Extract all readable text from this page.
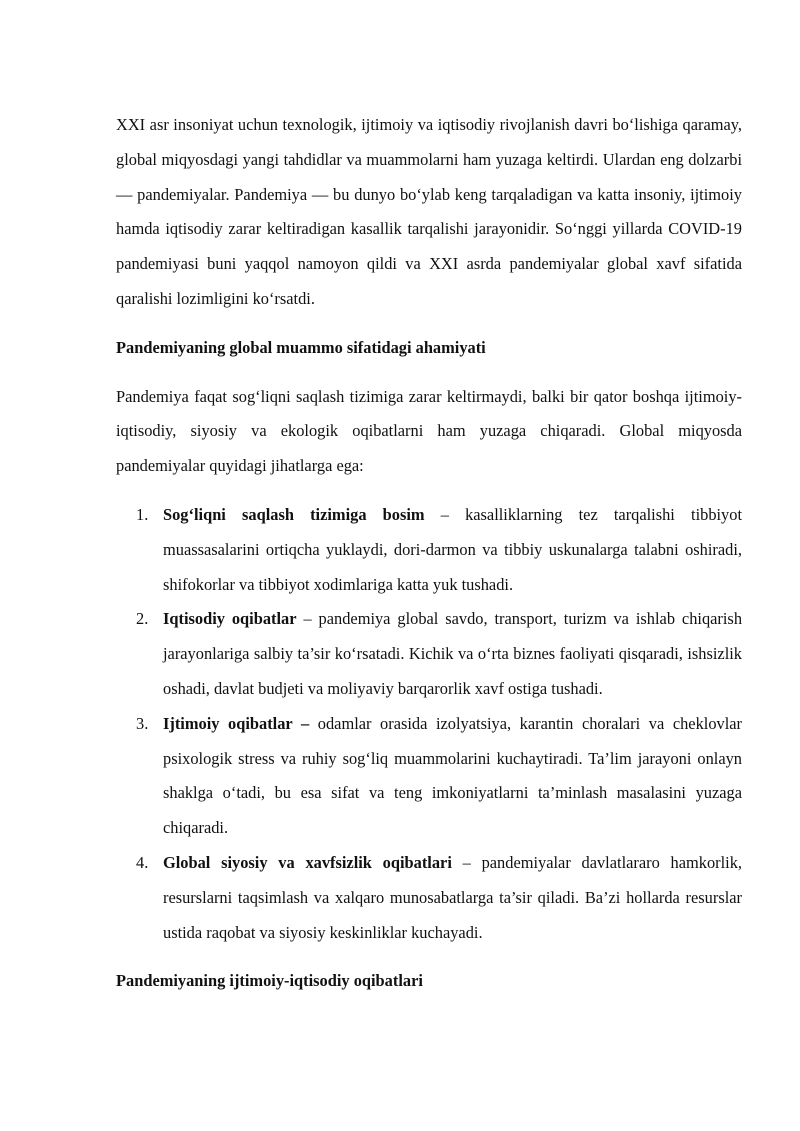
XXI asr insoniyat uchun texnologik, ijtimoiy va iqtisodiy rivojlanish davri bo‘lishiga qaramay, global miqyosdagi yangi tahdidlar va muammolarni ham yuzaga keltirdi. Ulardan eng dolzarbi — pandemiyalar. Pandemiya — bu dunyo bo‘ylab keng tarqaladigan va katta insoniy, ijtimoiy hamda iqtisodiy zarar keltiradigan kasallik tarqalishi jarayonidir. So‘nggi yillarda COVID-19 pandemiyasi buni yaqqol namoyon qildi va XXI asrda pandemiyalar global xavf sifatida qaralishi lozimligini ko‘rsatdi.

Pandemiyaning global muammo sifatidagi ahamiyati

Pandemiya faqat sog‘liqni saqlash tizimiga zarar keltirmaydi, balki bir qator boshqa ijtimoiy-iqtisodiy, siyosiy va ekologik oqibatlarni ham yuzaga chiqaradi. Global miqyosda pandemiyalar quyidagi jihatlarga ega:

1. Sog‘liqni saqlash tizimiga bosim – kasalliklarning tez tarqalishi tibbiyot muassasalarini ortiqcha yuklaydi, dori-darmon va tibbiy uskunalarga talabni oshiradi, shifokorlar va tibbiyot xodimlariga katta yuk tushadi.
2. Iqtisodiy oqibatlar – pandemiya global savdo, transport, turizm va ishlab chiqarish jarayonlariga salbiy ta’sir ko‘rsatadi. Kichik va o‘rta biznes faoliyati qisqaradi, ishsizlik oshadi, davlat budjeti va moliyaviy barqarorlik xavf ostiga tushadi.
3. Ijtimoiy oqibatlar – odamlar orasida izolyatsiya, karantin choralari va cheklovlar psixologik stress va ruhiy sog‘liq muammolarini kuchaytiradi. Ta’lim jarayoni onlayn shaklga o‘tadi, bu esa sifat va teng imkoniyatlarni ta’minlash masalasini yuzaga chiqaradi.
4. Global siyosiy va xavfsizlik oqibatlari – pandemiyalar davlatlararo hamkorlik, resurslarni taqsimlash va xalqaro munosabatlarga ta’sir qiladi. Ba’zi hollarda resurslar ustida raqobat va siyosiy keskinliklar kuchayadi.

Pandemiyaning ijtimoiy-iqtisodiy oqibatlari
